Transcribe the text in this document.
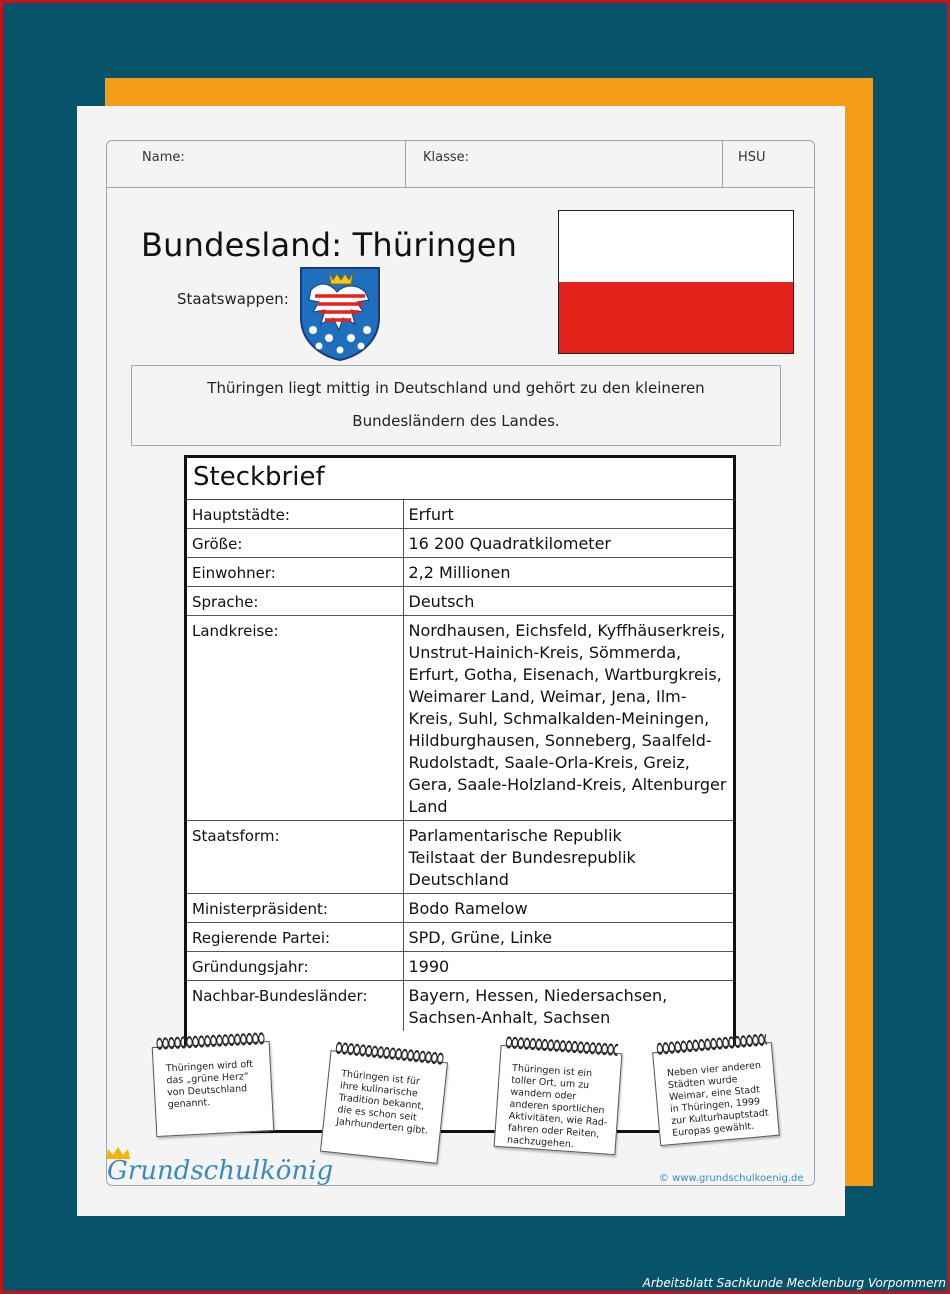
Name:	Klasse:	HSU
Bundesland: Thüringen
Staatswappen:
Thüringen liegt mittig in Deutschland und gehört zu den kleineren
Bundesländern des Landes.
Steckbrief
Hauptstädte:	Erfurt
Größe:	16 200 Quadratkilometer
Einwohner:	2,2 Millionen
Sprache:	Deutsch
Landkreise:	Nordhausen, Eichsfeld, Kyffhäuserkreis, Unstrut-Hainich-Kreis, Sömmerda, Erfurt, Gotha, Eisenach, Wartburgkreis, Weimarer Land, Weimar, Jena, Ilm-Kreis, Suhl, Schmalkalden-Meiningen, Hildburghausen, Sonneberg, Saalfeld-Rudolstadt, Saale-Orla-Kreis, Greiz, Gera, Saale-Holzland-Kreis, Altenburger Land
Staatsform:	Parlamentarische Republik
Teilstaat der Bundesrepublik Deutschland

Ministerpräsident:	Bodo Ramelow
Regierende Partei:	SPD, Grüne, Linke
Gründungsjahr:	1990
Nachbar-Bundesländer:	Bayern, Hessen, Niedersachsen, Sachsen-Anhalt, Sachsen
Thüringen wird oft das „grüne Herz“ von Deutschland genannt.
Thüringen ist für ihre kulinarische Tradition bekannt, die es schon seit Jahrhunderten gibt.
Thüringen ist ein toller Ort, um zu wandern oder anderen sportlichen Aktivitäten, wie Rad-fahren oder Reiten, nachzugehen.
Neben vier anderen Städten wurde Weimar, eine Stadt in Thüringen, 1999 zur Kulturhauptstadt Europas gewählt.
Grundschulkönig	© www.grundschulkoenig.de
Arbeitsblatt Sachkunde Mecklenburg Vorpommern
